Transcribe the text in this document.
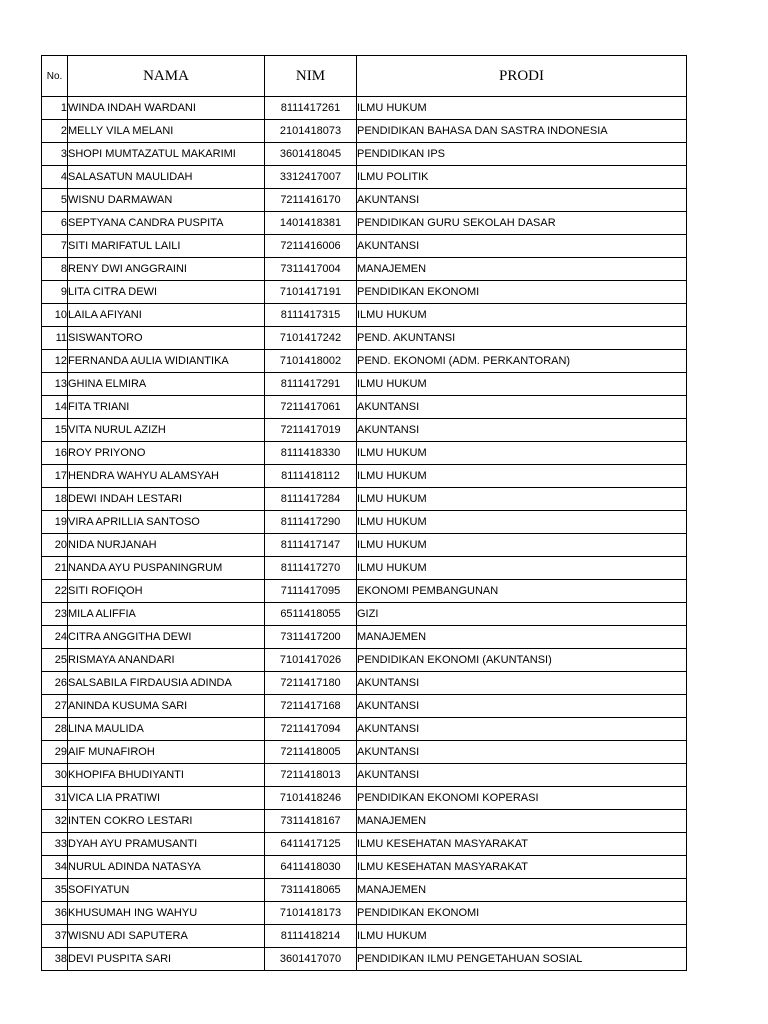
No.	NAMA	NIM	PRODI
1	WINDA INDAH WARDANI	8111417261	ILMU HUKUM
2	MELLY VILA MELANI	2101418073	PENDIDIKAN BAHASA DAN SASTRA INDONESIA
3	SHOPI MUMTAZATUL MAKARIMI	3601418045	PENDIDIKAN IPS
4	SALASATUN MAULIDAH	3312417007	ILMU POLITIK
5	WISNU DARMAWAN	7211416170	AKUNTANSI
6	SEPTYANA CANDRA PUSPITA	1401418381	PENDIDIKAN GURU SEKOLAH DASAR
7	SITI MARIFATUL LAILI	7211416006	AKUNTANSI
8	RENY DWI ANGGRAINI	7311417004	MANAJEMEN
9	LITA CITRA DEWI	7101417191	PENDIDIKAN EKONOMI
10	LAILA AFIYANI	8111417315	ILMU HUKUM
11	SISWANTORO	7101417242	PEND. AKUNTANSI
12	FERNANDA AULIA WIDIANTIKA	7101418002	PEND. EKONOMI (ADM. PERKANTORAN)
13	GHINA ELMIRA	8111417291	ILMU HUKUM
14	FITA TRIANI	7211417061	AKUNTANSI
15	VITA NURUL AZIZH	7211417019	AKUNTANSI
16	ROY PRIYONO	8111418330	ILMU HUKUM
17	HENDRA WAHYU ALAMSYAH	8111418112	ILMU HUKUM
18	DEWI INDAH LESTARI	8111417284	ILMU HUKUM
19	VIRA APRILLIA SANTOSO	8111417290	ILMU HUKUM
20	NIDA NURJANAH	8111417147	ILMU HUKUM
21	NANDA AYU PUSPANINGRUM	8111417270	ILMU HUKUM
22	SITI ROFIQOH	7111417095	EKONOMI PEMBANGUNAN
23	MILA ALIFFIA	6511418055	GIZI
24	CITRA ANGGITHA DEWI	7311417200	MANAJEMEN
25	RISMAYA ANANDARI	7101417026	PENDIDIKAN EKONOMI (AKUNTANSI)
26	SALSABILA FIRDAUSIA ADINDA	7211417180	AKUNTANSI
27	ANINDA KUSUMA SARI	7211417168	AKUNTANSI
28	LINA MAULIDA	7211417094	AKUNTANSI
29	AIF MUNAFIROH	7211418005	AKUNTANSI
30	KHOPIFA BHUDIYANTI	7211418013	AKUNTANSI
31	VICA LIA PRATIWI	7101418246	PENDIDIKAN EKONOMI KOPERASI
32	INTEN COKRO LESTARI	7311418167	MANAJEMEN
33	DYAH AYU PRAMUSANTI	6411417125	ILMU KESEHATAN MASYARAKAT
34	NURUL ADINDA NATASYA	6411418030	ILMU KESEHATAN MASYARAKAT
35	SOFIYATUN	7311418065	MANAJEMEN
36	KHUSUMAH ING WAHYU	7101418173	PENDIDIKAN EKONOMI
37	WISNU ADI SAPUTERA	8111418214	ILMU HUKUM
38	DEVI PUSPITA SARI	3601417070	PENDIDIKAN ILMU PENGETAHUAN SOSIAL
